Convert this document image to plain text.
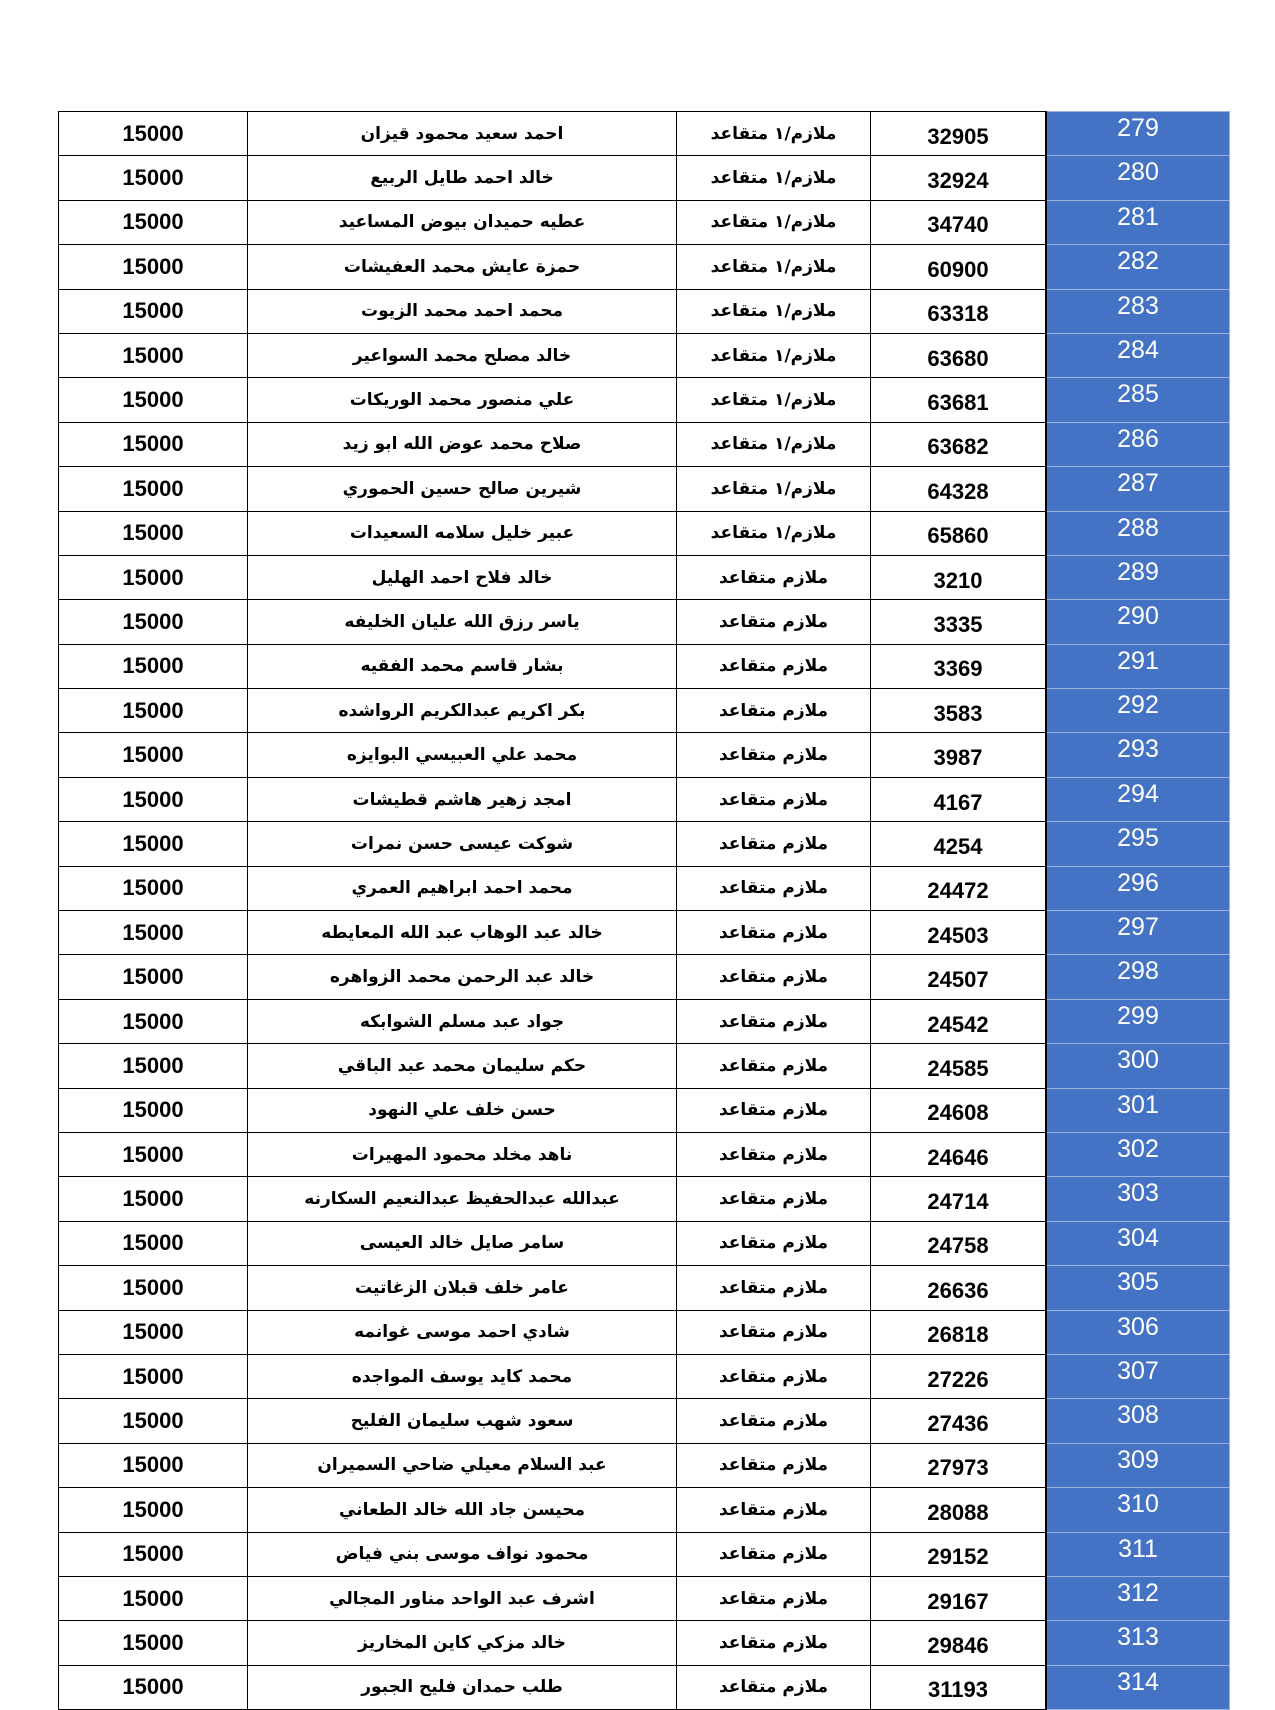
15000	احمد سعيد محمود قيزان	ملازم/١ متقاعد	32905	279
15000	خالد احمد طايل الربيع	ملازم/١ متقاعد	32924	280
15000	عطيه حميدان بيوض المساعيد	ملازم/١ متقاعد	34740	281
15000	حمزة عايش محمد العفيشات	ملازم/١ متقاعد	60900	282
15000	محمد احمد محمد الزيوت	ملازم/١ متقاعد	63318	283
15000	خالد مصلح محمد السواعير	ملازم/١ متقاعد	63680	284
15000	علي منصور محمد الوريكات	ملازم/١ متقاعد	63681	285
15000	صلاح محمد عوض الله ابو زيد	ملازم/١ متقاعد	63682	286
15000	شيرين صالح حسين الحموري	ملازم/١ متقاعد	64328	287
15000	عبير خليل سلامه السعيدات	ملازم/١ متقاعد	65860	288
15000	خالد فلاح احمد الهليل	ملازم متقاعد	3210	289
15000	ياسر رزق الله عليان الخليفه	ملازم متقاعد	3335	290
15000	بشار قاسم محمد الفقيه	ملازم متقاعد	3369	291
15000	بكر اكريم عبدالكريم الرواشده	ملازم متقاعد	3583	292
15000	محمد علي العبيسي البوايزه	ملازم متقاعد	3987	293
15000	امجد زهير هاشم قطيشات	ملازم متقاعد	4167	294
15000	شوكت عيسى حسن نمرات	ملازم متقاعد	4254	295
15000	محمد احمد ابراهيم العمري	ملازم متقاعد	24472	296
15000	خالد عبد الوهاب عبد الله المعايطه	ملازم متقاعد	24503	297
15000	خالد عبد الرحمن محمد الزواهره	ملازم متقاعد	24507	298
15000	جواد عبد مسلم الشوابكه	ملازم متقاعد	24542	299
15000	حكم سليمان محمد عبد الباقي	ملازم متقاعد	24585	300
15000	حسن خلف علي النهود	ملازم متقاعد	24608	301
15000	ناهد مخلد محمود المهيرات	ملازم متقاعد	24646	302
15000	عبدالله عبدالحفيظ عبدالنعيم السكارنه	ملازم متقاعد	24714	303
15000	سامر صايل خالد العيسى	ملازم متقاعد	24758	304
15000	عامر خلف قبلان الزغاتيت	ملازم متقاعد	26636	305
15000	شادي احمد موسى غوانمه	ملازم متقاعد	26818	306
15000	محمد كايد يوسف المواجده	ملازم متقاعد	27226	307
15000	سعود شهب سليمان الفليح	ملازم متقاعد	27436	308
15000	عبد السلام معيلي ضاحي السميران	ملازم متقاعد	27973	309
15000	محيسن جاد الله خالد الطعاني	ملازم متقاعد	28088	310
15000	محمود نواف موسى بني فياض	ملازم متقاعد	29152	311
15000	اشرف عبد الواحد مناور المجالي	ملازم متقاعد	29167	312
15000	خالد مزكي كاين المخاريز	ملازم متقاعد	29846	313
15000	طلب حمدان فليح الجبور	ملازم متقاعد	31193	314
